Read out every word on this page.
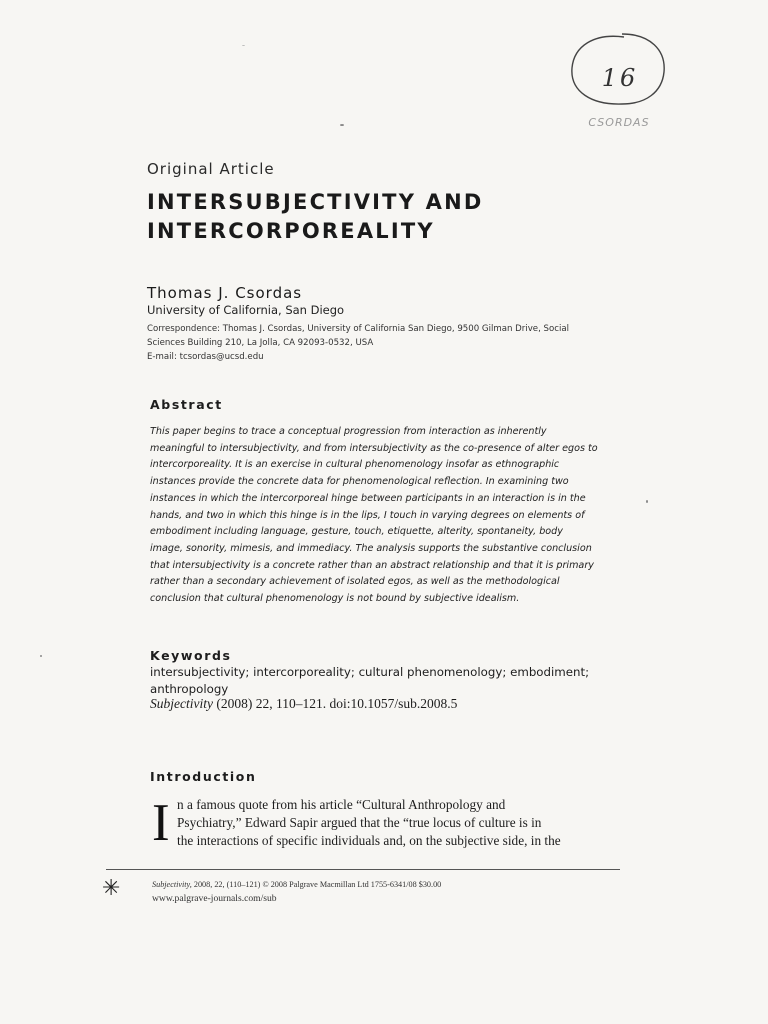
16
CSORDAS
Original Article
INTERSUBJECTIVITY AND
INTERCORPOREALITY
Thomas J. Csordas
University of California, San Diego
Correspondence: Thomas J. Csordas, University of California San Diego, 9500 Gilman Drive, Social
Sciences Building 210, La Jolla, CA 92093-0532, USA
E-mail: tcsordas@ucsd.edu
Abstract
This paper begins to trace a conceptual progression from interaction as inherently
meaningful to intersubjectivity, and from intersubjectivity as the co-presence of alter egos to
intercorporeality. It is an exercise in cultural phenomenology insofar as ethnographic
instances provide the concrete data for phenomenological reflection. In examining two
instances in which the intercorporeal hinge between participants in an interaction is in the
hands, and two in which this hinge is in the lips, I touch in varying degrees on elements of
embodiment including language, gesture, touch, etiquette, alterity, spontaneity, body
image, sonority, mimesis, and immediacy. The analysis supports the substantive conclusion
that intersubjectivity is a concrete rather than an abstract relationship and that it is primary
rather than a secondary achievement of isolated egos, as well as the methodological
conclusion that cultural phenomenology is not bound by subjective idealism.
Keywords
intersubjectivity; intercorporeality; cultural phenomenology; embodiment;
anthropology
Subjectivity (2008) 22, 110–121. doi:10.1057/sub.2008.5
Introduction
I n a famous quote from his article “Cultural Anthropology and
Psychiatry,” Edward Sapir argued that the “true locus of culture is in
the interactions of specific individuals and, on the subjective side, in the
✳	Subjectivity, 2008, 22, (110–121) © 2008 Palgrave Macmillan Ltd 1755-6341/08 $30.00
www.palgrave-journals.com/sub
